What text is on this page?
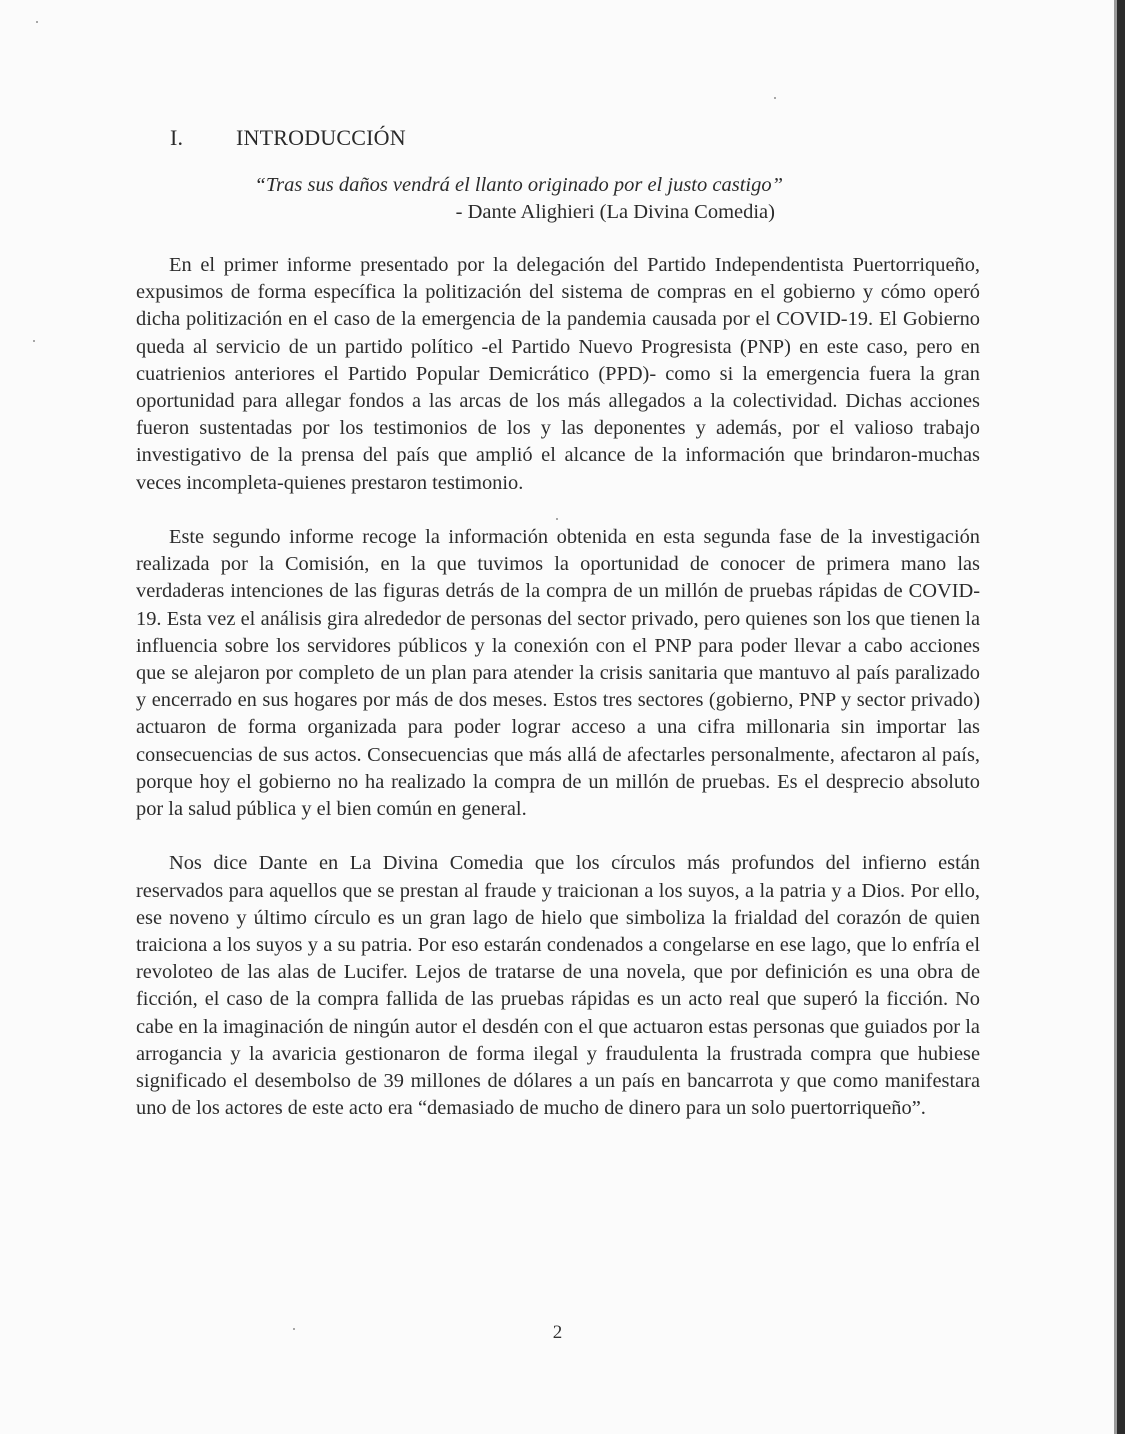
I. INTRODUCCIÓN
“Tras sus daños vendrá el llanto originado por el justo castigo”
- Dante Alighieri (La Divina Comedia)

En el primer informe presentado por la delegación del Partido Independentista Puertorriqueño, expusimos de forma específica la politización del sistema de compras en el gobierno y cómo operó dicha politización en el caso de la emergencia de la pandemia causada por el COVID-19. El Gobierno queda al servicio de un partido político -el Partido Nuevo Progresista (PNP) en este caso, pero en cuatrienios anteriores el Partido Popular Demicrático (PPD)- como si la emergencia fuera la gran oportunidad para allegar fondos a las arcas de los más allegados a la colectividad. Dichas acciones fueron sustentadas por los testimonios de los y las deponentes y además, por el valioso trabajo investigativo de la prensa del país que amplió el alcance de la información que brindaron-muchas veces incompleta-quienes prestaron testimonio.

Este segundo informe recoge la información obtenida en esta segunda fase de la investigación realizada por la Comisión, en la que tuvimos la oportunidad de conocer de primera mano las verdaderas intenciones de las figuras detrás de la compra de un millón de pruebas rápidas de COVID-19. Esta vez el análisis gira alrededor de personas del sector privado, pero quienes son los que tienen la influencia sobre los servidores públicos y la conexión con el PNP para poder llevar a cabo acciones que se alejaron por completo de un plan para atender la crisis sanitaria que mantuvo al país paralizado y encerrado en sus hogares por más de dos meses. Estos tres sectores (gobierno, PNP y sector privado) actuaron de forma organizada para poder lograr acceso a una cifra millonaria sin importar las consecuencias de sus actos. Consecuencias que más allá de afectarles personalmente, afectaron al país, porque hoy el gobierno no ha realizado la compra de un millón de pruebas. Es el desprecio absoluto por la salud pública y el bien común en general.

Nos dice Dante en La Divina Comedia que los círculos más profundos del infierno están reservados para aquellos que se prestan al fraude y traicionan a los suyos, a la patria y a Dios. Por ello, ese noveno y último círculo es un gran lago de hielo que simboliza la frialdad del corazón de quien traiciona a los suyos y a su patria. Por eso estarán condenados a congelarse en ese lago, que lo enfría el revoloteo de las alas de Lucifer. Lejos de tratarse de una novela, que por definición es una obra de ficción, el caso de la compra fallida de las pruebas rápidas es un acto real que superó la ficción. No cabe en la imaginación de ningún autor el desdén con el que actuaron estas personas que guiados por la arrogancia y la avaricia gestionaron de forma ilegal y fraudulenta la frustrada compra que hubiese significado el desembolso de 39 millones de dólares a un país en bancarrota y que como manifestara uno de los actores de este acto era “demasiado de mucho de dinero para un solo puertorriqueño”.

2
